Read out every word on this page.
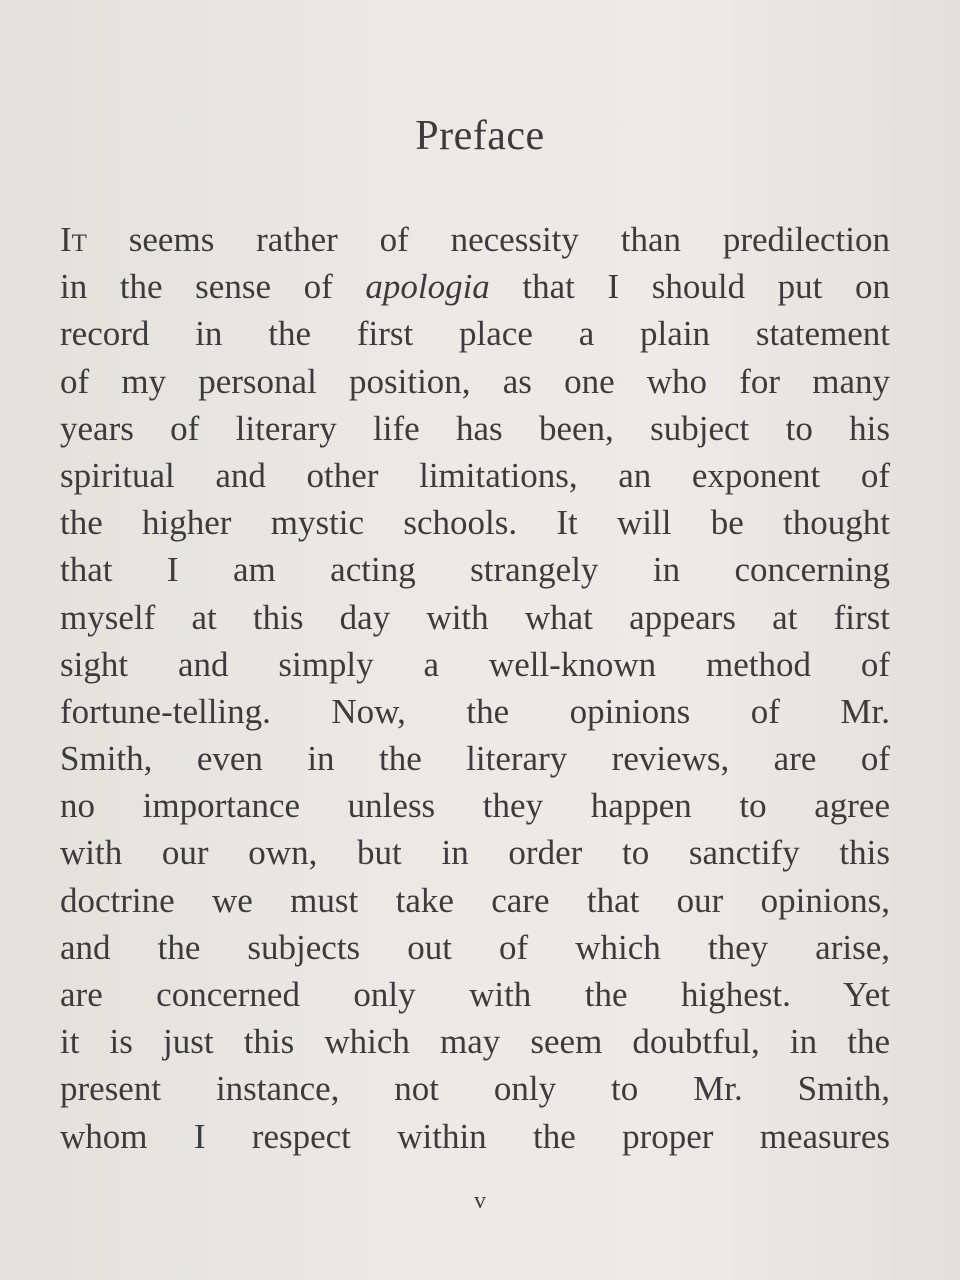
Preface
It seems rather of necessity than predilection
in the sense of apologia that I should put on
record in the first place a plain statement
of my personal position, as one who for many
years of literary life has been, subject to his
spiritual and other limitations, an exponent of
the higher mystic schools. It will be thought
that I am acting strangely in concerning
myself at this day with what appears at first
sight and simply a well-known method of
fortune-telling. Now, the opinions of Mr.
Smith, even in the literary reviews, are of
no importance unless they happen to agree
with our own, but in order to sanctify this
doctrine we must take care that our opinions,
and the subjects out of which they arise,
are concerned only with the highest. Yet
it is just this which may seem doubtful, in the
present instance, not only to Mr. Smith,
whom I respect within the proper measures
v
